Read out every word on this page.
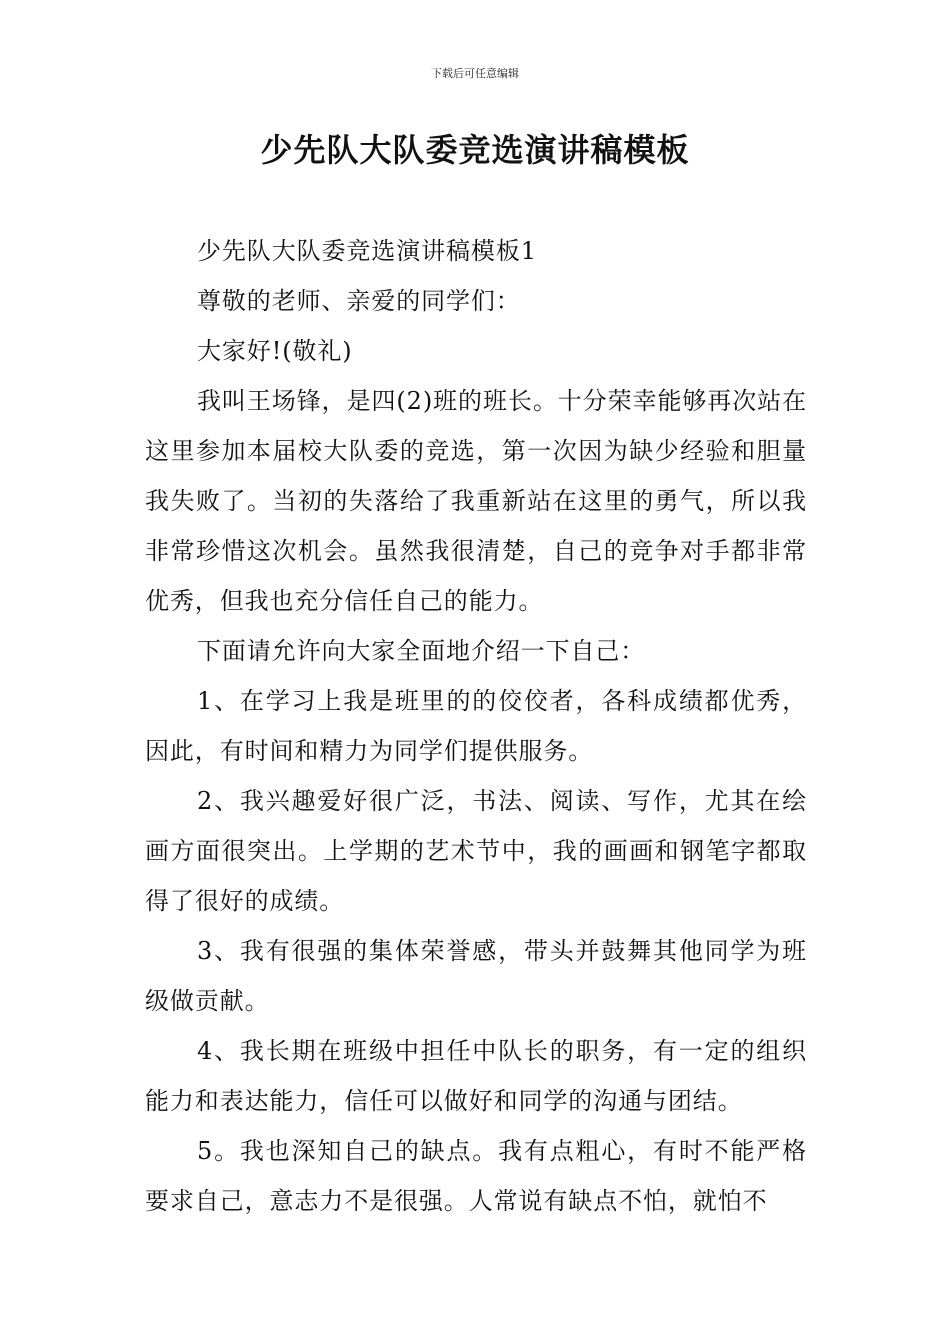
下载后可任意编辑
少先队大队委竞选演讲稿模板

少先队大队委竞选演讲稿模板1

尊敬的老师、亲爱的同学们：

大家好!(敬礼)

我叫王场锋，是四(2)班的班长。十分荣幸能够再次站在这里参加本届校大队委的竞选，第一次因为缺少经验和胆量我失败了。当初的失落给了我重新站在这里的勇气，所以我非常珍惜这次机会。虽然我很清楚，自己的竞争对手都非常优秀，但我也充分信任自己的能力。

下面请允许向大家全面地介绍一下自己：

1、在学习上我是班里的的佼佼者，各科成绩都优秀，因此，有时间和精力为同学们提供服务。

2、我兴趣爱好很广泛，书法、阅读、写作，尤其在绘画方面很突出。上学期的艺术节中，我的画画和钢笔字都取得了很好的成绩。

3、我有很强的集体荣誉感，带头并鼓舞其他同学为班级做贡献。

4、我长期在班级中担任中队长的职务，有一定的组织能力和表达能力，信任可以做好和同学的沟通与团结。

5。我也深知自己的缺点。我有点粗心，有时不能严格要求自己，意志力不是很强。人常说有缺点不怕，就怕不
